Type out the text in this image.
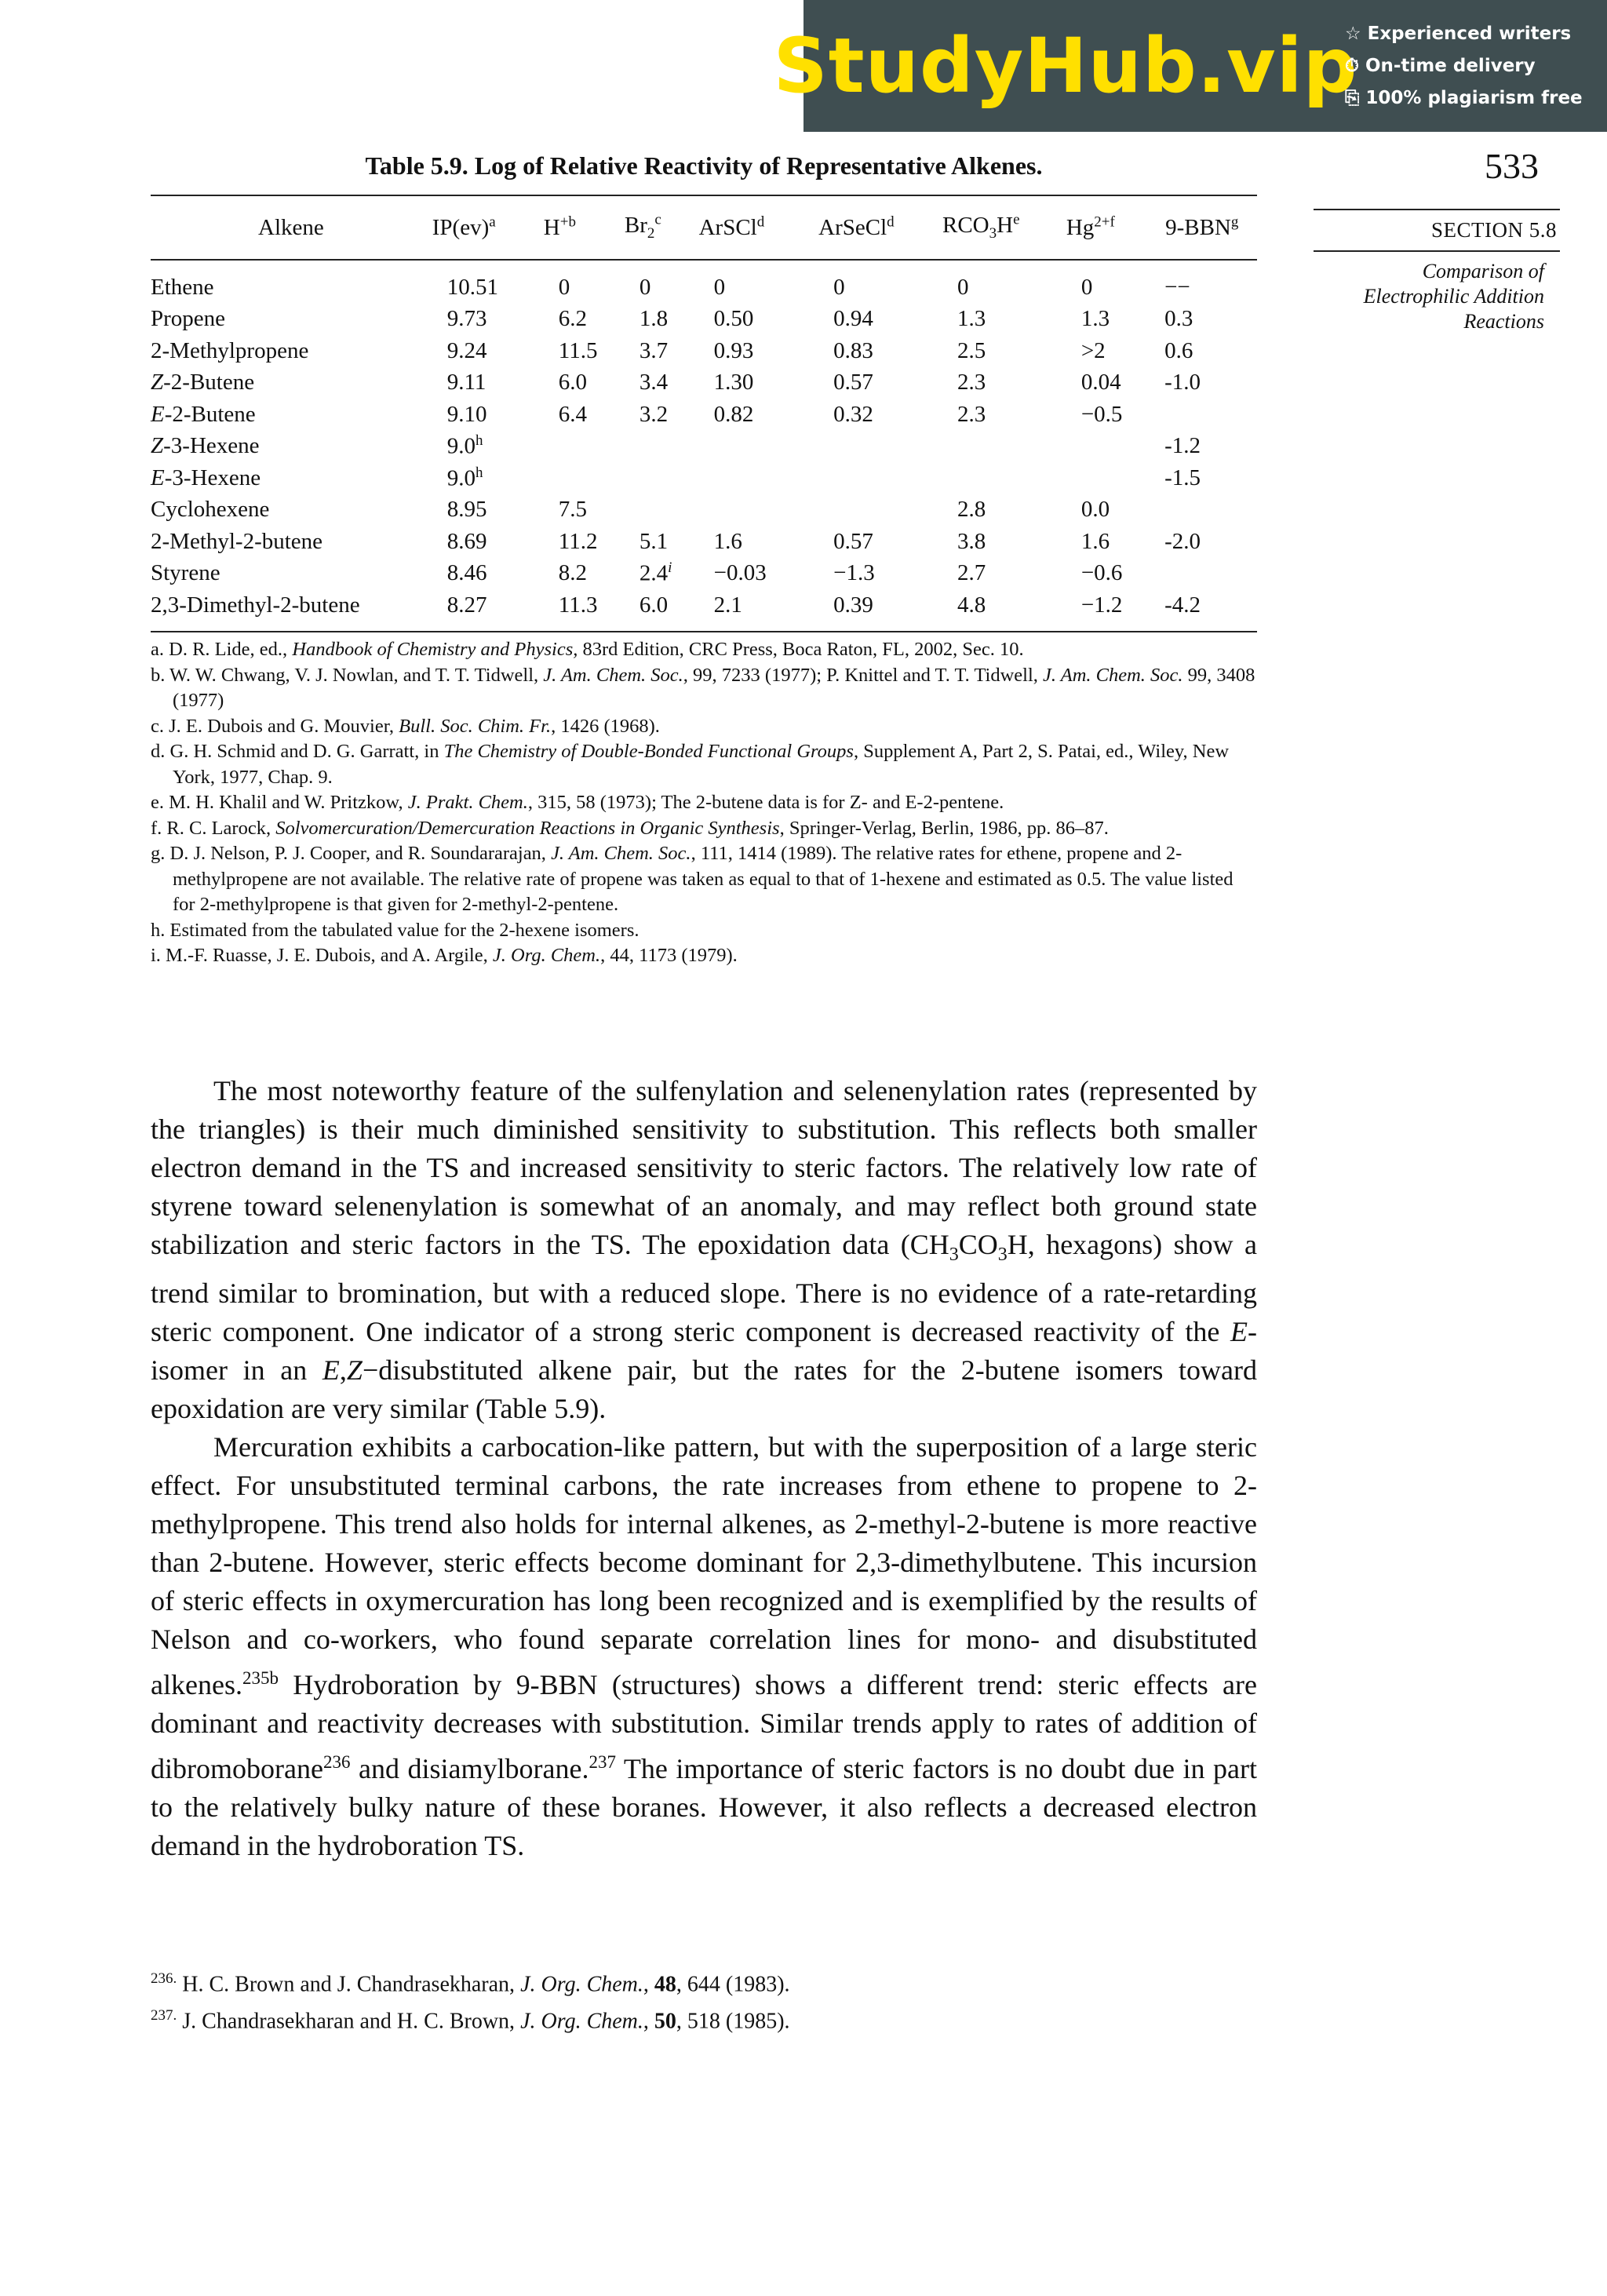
StudyHub.vip
☆ Experienced writers
⏱ On-time delivery
⎘ 100% plagiarism free
533
SECTION 5.8
Comparison of Electrophilic Addition Reactions
Table 5.9. Log of Relative Reactivity of Representative Alkenes.
Alkene	IP(ev)$^a$	$H^{+b}$	$Br_2^c$	ArSCl$^d$	ArSeCl$^d$	$RCO_3H^e$	$Hg^{2+f}$	9-BBN$^g$
Ethene	10.51	0	0	0	0	0	0	−−
Propene	9.73	6.2	1.8	0.50	0.94	1.3	1.3	0.3
2-Methylpropene	9.24	11.5	3.7	0.93	0.83	2.5	>2	0.6
Z-2-Butene	9.11	6.0	3.4	1.30	0.57	2.3	0.04	-1.0
E-2-Butene	9.10	6.4	3.2	0.82	0.32	2.3	−0.5	
Z-3-Hexene	9.0$^h$							-1.2
E-3-Hexene	9.0$^h$							-1.5
Cyclohexene	8.95	7.5				2.8	0.0	
2-Methyl-2-butene	8.69	11.2	5.1	1.6	0.57	3.8	1.6	-2.0
Styrene	8.46	8.2	$2.4^i$	−0.03	−1.3	2.7	−0.6	
2,3-Dimethyl-2-butene	8.27	11.3	6.0	2.1	0.39	4.8	−1.2	-4.2
a. D. R. Lide, ed., Handbook of Chemistry and Physics, 83rd Edition, CRC Press, Boca Raton, FL, 2002, Sec. 10.
b. W. W. Chwang, V. J. Nowlan, and T. T. Tidwell, J. Am. Chem. Soc., 99, 7233 (1977); P. Knittel and T. T. Tidwell, J. Am. Chem. Soc. 99, 3408 (1977)
c. J. E. Dubois and G. Mouvier, Bull. Soc. Chim. Fr., 1426 (1968).
d. G. H. Schmid and D. G. Garratt, in The Chemistry of Double-Bonded Functional Groups, Supplement A, Part 2, S. Patai, ed., Wiley, New York, 1977, Chap. 9.
e. M. H. Khalil and W. Pritzkow, J. Prakt. Chem., 315, 58 (1973); The 2-butene data is for Z- and E-2-pentene.
f. R. C. Larock, Solvomercuration/Demercuration Reactions in Organic Synthesis, Springer-Verlag, Berlin, 1986, pp. 86–87.
g. D. J. Nelson, P. J. Cooper, and R. Soundararajan, J. Am. Chem. Soc., 111, 1414 (1989). The relative rates for ethene, propene and 2-methylpropene are not available. The relative rate of propene was taken as equal to that of 1-hexene and estimated as 0.5. The value listed for 2-methylpropene is that given for 2-methyl-2-pentene.
h. Estimated from the tabulated value for the 2-hexene isomers.
i. M.-F. Ruasse, J. E. Dubois, and A. Argile, J. Org. Chem., 44, 1173 (1979).

The most noteworthy feature of the sulfenylation and selenenylation rates (represented by the triangles) is their much diminished sensitivity to substitution. This reflects both smaller electron demand in the TS and increased sensitivity to steric factors. The relatively low rate of styrene toward selenenylation is somewhat of an anomaly, and may reflect both ground state stabilization and steric factors in the TS. The epoxidation data ($CH_3CO_3H$, hexagons) show a trend similar to bromination, but with a reduced slope. There is no evidence of a rate-retarding steric component. One indicator of a strong steric component is decreased reactivity of the E-isomer in an E,Z−disubstituted alkene pair, but the rates for the 2-butene isomers toward epoxidation are very similar (Table 5.9).

Mercuration exhibits a carbocation-like pattern, but with the superposition of a large steric effect. For unsubstituted terminal carbons, the rate increases from ethene to propene to 2-methylpropene. This trend also holds for internal alkenes, as 2-methyl-2-butene is more reactive than 2-butene. However, steric effects become dominant for 2,3-dimethylbutene. This incursion of steric effects in oxymercuration has long been recognized and is exemplified by the results of Nelson and co-workers, who found separate correlation lines for mono- and disubstituted alkenes.$^{235b}$ Hydroboration by 9-BBN (structures) shows a different trend: steric effects are dominant and reactivity decreases with substitution. Similar trends apply to rates of addition of dibromoborane$^{236}$ and disiamylborane.$^{237}$ The importance of steric factors is no doubt due in part to the relatively bulky nature of these boranes. However, it also reflects a decreased electron demand in the hydroboration TS.

$^{236.}$ H. C. Brown and J. Chandrasekharan, J. Org. Chem., 48, 644 (1983).
$^{237.}$ J. Chandrasekharan and H. C. Brown, J. Org. Chem., 50, 518 (1985).
